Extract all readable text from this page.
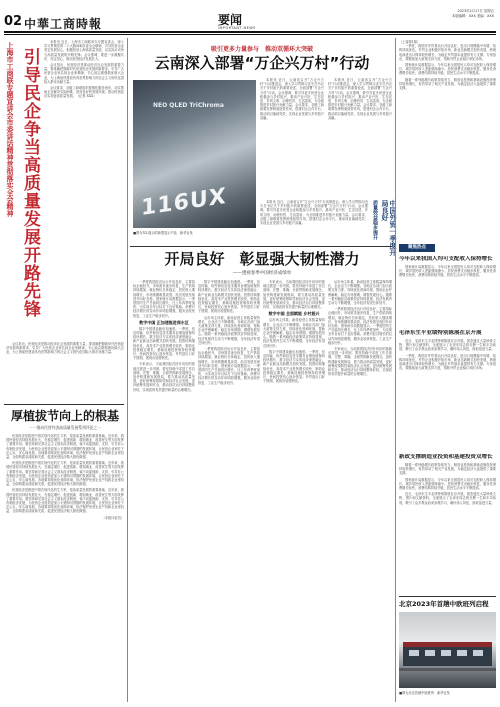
02 中華工商時報	要闻
IMPORTANT NEWS
2023年2月17日 星期五
本版编辑：XXX 美编：XXX
引导民企争当高质量发展开路先锋
上海市工商联专题宣讲会市委讲话精神贯彻落实全会精神	本报讯 近日，上海市工商联举办专题宣讲会，深入学习贯彻党的二十大精神和市委全会精神，引导民营企业坚定发展信心，积极投身上海高质量发展，以实际行动争当高质量发展的开路先锋。会议强调，要进一步凝聚共识、坚定信心，推动民营经济发展壮大。

会议指出，民营经济是推动经济社会发展的重要力量，要准确把握新时代民营经济发展的新要求，引导广大民营企业家弘扬企业家精神，专心致志做强做优做大企业，为上海加快建设具有世界影响力的社会主义现代化国际大都市贡献力量。

会议要求，各级工商联组织要强化服务意识，切实帮助企业解决实际困难，营造良好的发展环境，推动民营经济实现更高质量发展。（记者 XXX）

会议指出，民营经济是推动经济社会发展的重要力量，要准确把握新时代民营经济发展的新要求，引导广大民营企业家弘扬企业家精神，专心致志做强做优做大企业，为上海加快建设具有世界影响力的社会主义现代化国际大都市贡献力量。

厚植拔节向上的根基
一一推动民营经济高质量发展系列评论之一

民营经济是推进中国式现代化的生力军，是高质量发展的重要基础。近年来，我国民营经济持续发展壮大，在稳定增长、促进创新、增加就业、改善民生等方面发挥了重要作用。要坚持和完善社会主义基本经济制度，毫不动摇鼓励、支持、引导非公有制经济发展，为民营企业营造更加公平透明可预期的发展环境，让民营企业家吃下定心丸、安心谋发展。各地要持续优化营商环境，依法保护民营企业产权和企业家权益，全面构建亲清政商关系，促进民营经济做大做优做强。

民营经济是推进中国式现代化的生力军，是高质量发展的重要基础。近年来，我国民营经济持续发展壮大，在稳定增长、促进创新、增加就业、改善民生等方面发挥了重要作用。要坚持和完善社会主义基本经济制度，毫不动摇鼓励、支持、引导非公有制经济发展，为民营企业营造更加公平透明可预期的发展环境，让民营企业家吃下定心丸、安心谋发展。各地要持续优化营商环境，依法保护民营企业产权和企业家权益，全面构建亲清政商关系，促进民营经济做大做优做强。

民营经济是推进中国式现代化的生力军，是高质量发展的重要基础。近年来，我国民营经济持续发展壮大，在稳定增长、促进创新、增加就业、改善民生等方面发挥了重要作用。要坚持和完善社会主义基本经济制度，毫不动摇鼓励、支持、引导非公有制经济发展，为民营企业营造更加公平透明可预期的发展环境，让民营企业家吃下定心丸、安心谋发展。各地要持续优化营商环境，依法保护民营企业产权和企业家权益，全面构建亲清政商关系，促进民营经济做大做优做强。

（本报评论员）

吸引更多力量参与　推动双循环大突破
云南深入部署“万企兴万村”行动

本报讯 近日，云南省召开“万企兴万村”行动推进会，深入学习贯彻习近平总书记关于乡村振兴的重要论述，全面部署“万企兴万村”行动。会议强调，要引导更多民营企业积极参与乡村振兴，推动产业兴旺、生态宜居、乡风文明、治理有效、生活富裕，为全面推进乡村振兴贡献力量。会议要求，各级工商联要发挥桥梁纽带作用，搭建村企合作平台，推动项目落地见效，实现企业发展与乡村振兴双赢。

本报讯 近日，云南省召开“万企兴万村”行动推进会，深入学习贯彻习近平总书记关于乡村振兴的重要论述，全面部署“万企兴万村”行动。会议强调，要引导更多民营企业积极参与乡村振兴，推动产业兴旺、生态宜居、乡风文明、治理有效、生活富裕，为全面推进乡村振兴贡献力量。会议要求，各级工商联要发挥桥梁纽带作用，搭建村企合作平台，推动项目落地见效，实现企业发展与乡村振兴双赢。

NEO QLED TriChroma
116UX
■图为TCL展示的新型显示产品　新华社发	中国外贸一季度开局良好
质量效益稳步提升

本报讯 近日，云南省召开“万企兴万村”行动推进会，深入学习贯彻习近平总书记关于乡村振兴的重要论述，全面部署“万企兴万村”行动。会议强调，要引导更多民营企业积极参与乡村振兴，推动产业兴旺、生态宜居、乡风文明、治理有效、生活富裕，为全面推进乡村振兴贡献力量。会议要求，各级工商联要发挥桥梁纽带作用，搭建村企合作平台，推动项目落地见效，实现企业发展与乡村振兴双赢。

开局良好　彰显强大韧性潜力
——透视春季中国经济成绩单

一季度我国经济运行开局良好，主要指标企稳回升，市场需求逐步恢复，生产供给持续增加，就业物价总体稳定，居民收入继续增长，市场预期明显改善，经济发展呈现回升向好态势。国家统计局数据显示，一季度国内生产总值同比增长，比上年四季度加快，为实现全年目标打下良好基础。消费对经济增长的拉动作用明显增强，服务业较快恢复，工业生产稳步回升。

数字中国 正加速挺进深水区

数字中国建设跑出加速度。一季度，信息传输、软件和信息技术服务业增加值保持较快增长，数字经济与实体经济深度融合，新产业新业态新模式加快发展。投资结构继续优化，高技术产业投资增长较快，制造业投资稳定增长，基础设施投资保持较快增长，民间投资信心逐步恢复。外贸进出口好于预期，展现出较强韧性。

专家表示，当前我国经济回升向好的基础还需进一步巩固，要坚持稳中求进工作总基调，完整、准确、全面贯彻新发展理念，加快构建新发展格局，着力推动高质量发展，更好统筹疫情防控和经济社会发展，更好统筹发展和安全，推动经济运行持续整体好转，实现质的有效提升和量的合理增长。

数字中国建设跑出加速度。一季度，信息传输、软件和信息技术服务业增加值保持较快增长，数字经济与实体经济深度融合，新产业新业态新模式加快发展。投资结构继续优化，高技术产业投资增长较快，制造业投资稳定增长，基础设施投资保持较快增长，民间投资信心逐步恢复。外贸进出口好于预期，展现出较强韧性。

从市场主体看，新设经营主体数量保持增长，企业活力不断增强。各地区各部门加大政策支持力度，持续优化营商环境，帮助企业纾困解难，稳定市场预期，增强发展信心。随着一系列稳经济政策效应持续显现，经济发展内生动力不断增强，全年经济有望总体回升。

一季度我国经济运行开局良好，主要指标企稳回升，市场需求逐步恢复，生产供给持续增加，就业物价总体稳定，居民收入继续增长，市场预期明显改善，经济发展呈现回升向好态势。国家统计局数据显示，一季度国内生产总值同比增长，比上年四季度加快，为实现全年目标打下良好基础。消费对经济增长的拉动作用明显增强，服务业较快恢复，工业生产稳步回升。

专家表示，当前我国经济回升向好的基础还需进一步巩固，要坚持稳中求进工作总基调，完整、准确、全面贯彻新发展理念，加快构建新发展格局，着力推动高质量发展，更好统筹疫情防控和经济社会发展，更好统筹发展和安全，推动经济运行持续整体好转，实现质的有效提升和量的合理增长。

数字中国 全面赋能 乡村振兴

从市场主体看，新设经营主体数量保持增长，企业活力不断增强。各地区各部门加大政策支持力度，持续优化营商环境，帮助企业纾困解难，稳定市场预期，增强发展信心。随着一系列稳经济政策效应持续显现，经济发展内生动力不断增强，全年经济有望总体回升。

数字中国建设跑出加速度。一季度，信息传输、软件和信息技术服务业增加值保持较快增长，数字经济与实体经济深度融合，新产业新业态新模式加快发展。投资结构继续优化，高技术产业投资增长较快，制造业投资稳定增长，基础设施投资保持较快增长，民间投资信心逐步恢复。外贸进出口好于预期，展现出较强韧性。

从市场主体看，新设经营主体数量保持增长，企业活力不断增强。各地区各部门加大政策支持力度，持续优化营商环境，帮助企业纾困解难，稳定市场预期，增强发展信心。随着一系列稳经济政策效应持续显现，经济发展内生动力不断增强，全年经济有望总体回升。

一季度我国经济运行开局良好，主要指标企稳回升，市场需求逐步恢复，生产供给持续增加，就业物价总体稳定，居民收入继续增长，市场预期明显改善，经济发展呈现回升向好态势。国家统计局数据显示，一季度国内生产总值同比增长，比上年四季度加快，为实现全年目标打下良好基础。消费对经济增长的拉动作用明显增强，服务业较快恢复，工业生产稳步回升。

专家表示，当前我国经济回升向好的基础还需进一步巩固，要坚持稳中求进工作总基调，完整、准确、全面贯彻新发展理念，加快构建新发展格局，着力推动高质量发展，更好统筹疫情防控和经济社会发展，更好统筹发展和安全，推动经济运行持续整体好转，实现质的有效提升和量的合理增长。

（上接第1版）

一季度，我国对外贸易运行开局良好，进出口规模稳中有增，结构持续优化。外贸企业积极开拓市场，新业态新模式加快发展，跨境电商进出口保持较快增长，为稳定外贸基本盘提供有力支撑。专家指出，要继续加大政策支持力度，帮助外贸企业稳订单拓市场。

国家统计局数据显示，今年以来全国居民人均可支配收入保持增长，城乡居民收入差距继续缩小。居民消费支出稳步恢复，服务性消费增长较快，消费结构持续升级，居民生活水平不断提高。

随着一系列稳增长政策持续发力，制造业投资和基础设施投资保持较快增长，有效带动了相关产业发展，为稳定经济大盘提供了重要支撑。

聚焦热点

今年以来我国人均可支配收入保持增长

国家统计局数据显示，今年以来全国居民人均可支配收入保持增长，城乡居民收入差距继续缩小。居民消费支出稳步恢复，服务性消费增长较快，消费结构持续升级，居民生活水平不断提高。

毛泽东生平业绩特别陈展在京开展

近日，毛泽东生平业绩特别陈展在京开展。展览通过大量珍贵文物、图片和文献资料，全面展示了毛泽东同志的光辉一生和丰功伟绩，吸引了众多观众前来参观学习，缅怀伟人风范，汲取奋进力量。

一季度，我国对外贸易运行开局良好，进出口规模稳中有增，结构持续优化。外贸企业积极开拓市场，新业态新模式加快发展，跨境电商进出口保持较快增长，为稳定外贸基本盘提供有力支撑。专家指出，要继续加大政策支持力度，帮助外贸企业稳订单拓市场。

新政支撑制造业投资和基建投资双增长

随着一系列稳增长政策持续发力，制造业投资和基础设施投资保持较快增长，有效带动了相关产业发展，为稳定经济大盘提供了重要支撑。

国家统计局数据显示，今年以来全国居民人均可支配收入保持增长，城乡居民收入差距继续缩小。居民消费支出稳步恢复，服务性消费增长较快，消费结构持续升级，居民生活水平不断提高。

近日，毛泽东生平业绩特别陈展在京开展。展览通过大量珍贵文物、图片和文献资料，全面展示了毛泽东同志的光辉一生和丰功伟绩，吸引了众多观众前来参观学习，缅怀伟人风范，汲取奋进力量。

北京2023年首趟中欧班列启程
■图为北京首趟中欧班列　新华社发
